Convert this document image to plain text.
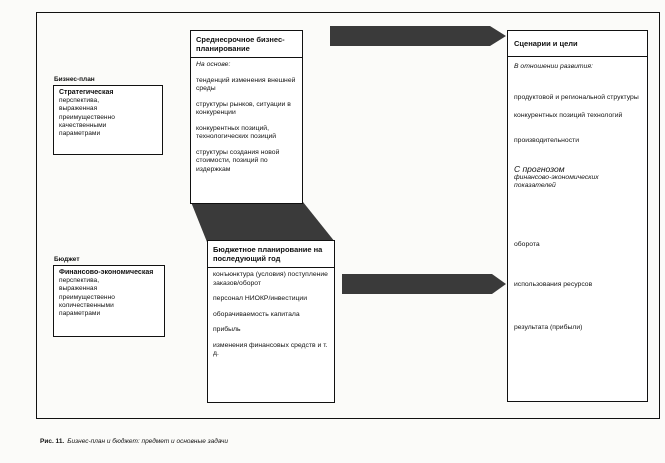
Бизнес-план
Стратегическая
перспектива,
выраженная
преимущественно
качественными
параметрами
Бюджет
Финансово-экономическая
перспектива,
выраженная
преимущественно
количественными
параметрами
Среднесрочное бизнес-планирование

На основе:

тенденций изменения внешней среды

структуры рынков, ситуации в конкуренции

конкурентных позиций, технологических позиций

структуры создания новой стоимости, позиций по издержкам

Бюджетное планирование на последующий год

конъюнктура (условия) поступление заказов/оборот

персонал НИОКР/инвестиции

оборачиваемость капитала

прибыль

изменения финансовых средств и т. д.

Сценарии и цели

В отношении развития:

продуктовой и региональной структуры

конкурентных позиций технологий

производительности

С прогнозом

финансово-экономических показателей

оборота

использования ресурсов

результата (прибыли)

Рис. 11. Бизнес-план и бюджет: предмет и основные задачи
